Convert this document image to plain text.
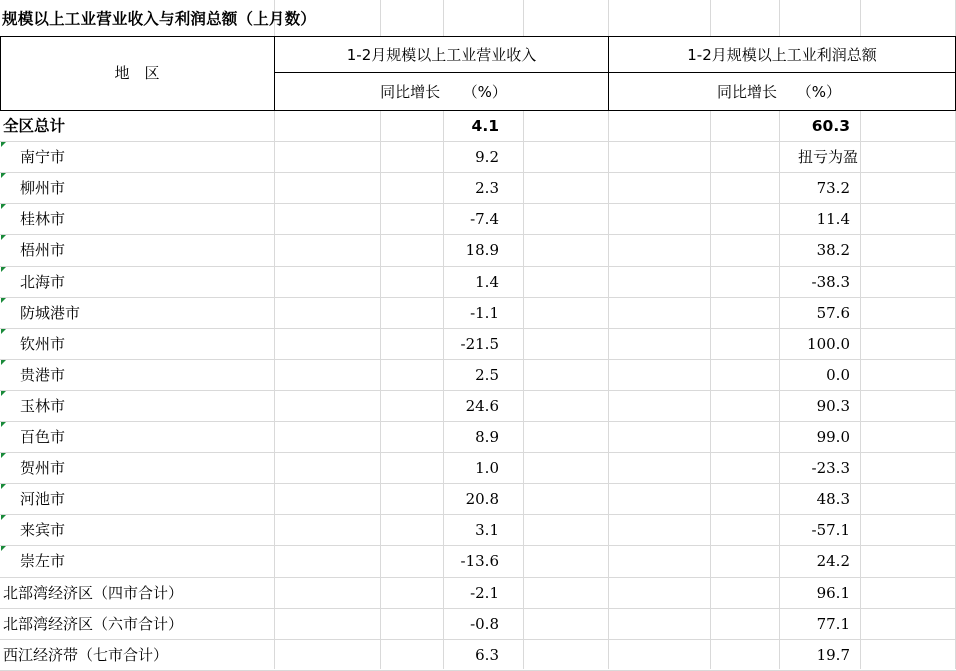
规模以上工业营业收入与利润总额（上月数）
地　区
1-2月规模以上工业营业收入	1-2月规模以上工业利润总额
同比增长　　（%）	同比增长　 （%）
全区总计	4.1	60.3
南宁市	9.2	扭亏为盈
柳州市	2.3	73.2
桂林市	-7.4	11.4
梧州市	18.9	38.2
北海市	1.4	-38.3
防城港市	-1.1	57.6
钦州市	-21.5	100.0
贵港市	2.5	0.0
玉林市	24.6	90.3
百色市	8.9	99.0
贺州市	1.0	-23.3
河池市	20.8	48.3
来宾市	3.1	-57.1
崇左市	-13.6	24.2
北部湾经济区（四市合计）	-2.1	96.1
北部湾经济区（六市合计）	-0.8	77.1
西江经济带（七市合计）	6.3	19.7
